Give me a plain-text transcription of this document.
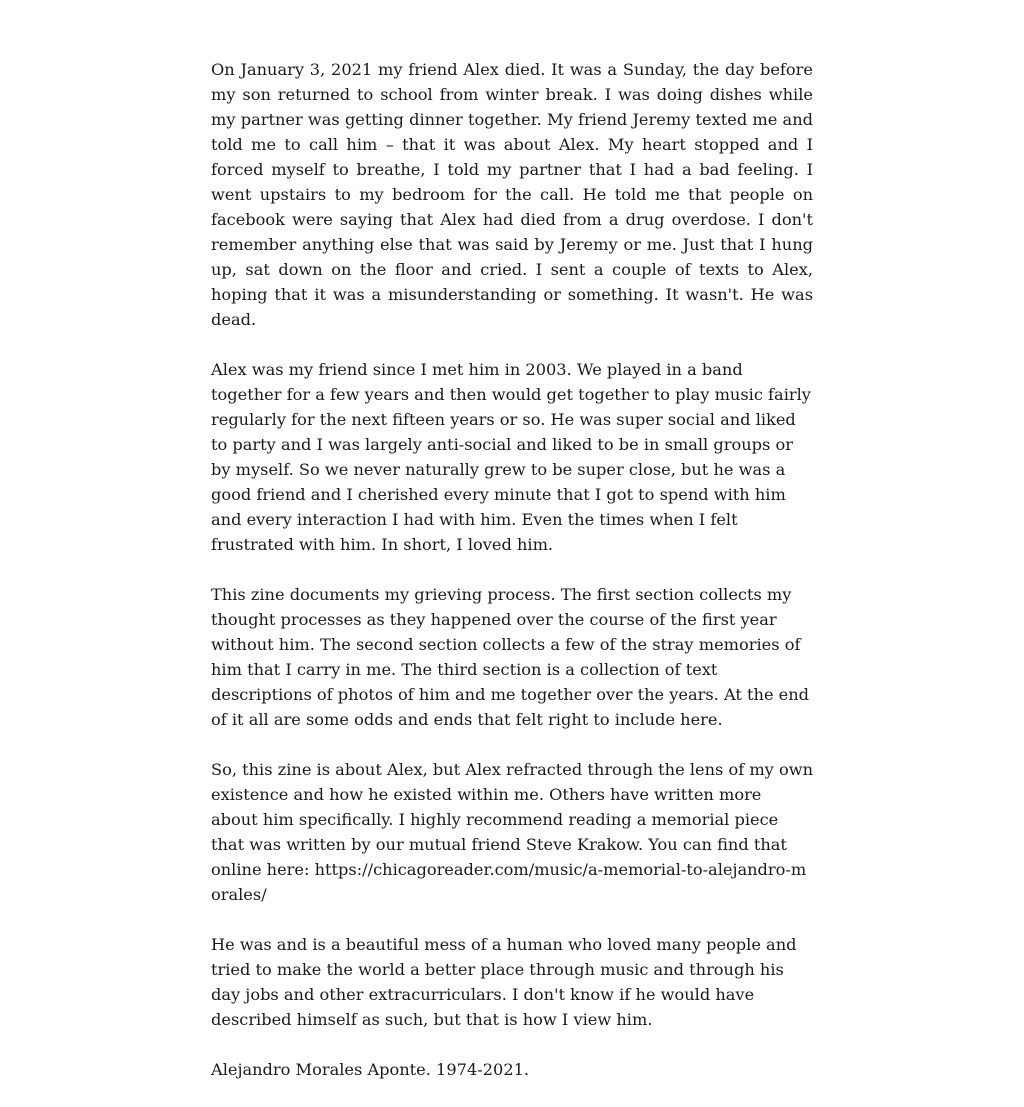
On January 3, 2021 my friend Alex died. It was a Sunday, the day before my son returned to school from winter break. I was doing dishes while my partner was getting dinner together. My friend Jeremy texted me and told me to call him – that it was about Alex. My heart stopped and I forced myself to breathe, I told my partner that I had a bad feeling. I went upstairs to my bedroom for the call. He told me that people on facebook were saying that Alex had died from a drug overdose. I don't remember anything else that was said by Jeremy or me. Just that I hung up, sat down on the floor and cried. I sent a couple of texts to Alex, hoping that it was a misunderstanding or something. It wasn't. He was dead.

Alex was my friend since I met him in 2003. We played in a band together for a few years and then would get together to play music fairly regularly for the next fifteen years or so. He was super social and liked to party and I was largely anti-social and liked to be in small groups or by myself. So we never naturally grew to be super close, but he was a good friend and I cherished every minute that I got to spend with him and every interaction I had with him. Even the times when I felt frustrated with him. In short, I loved him.

This zine documents my grieving process. The first section collects my thought processes as they happened over the course of the first year without him. The second section collects a few of the stray memories of him that I carry in me. The third section is a collection of text descriptions of photos of him and me together over the years. At the end of it all are some odds and ends that felt right to include here.

So, this zine is about Alex, but Alex refracted through the lens of my own existence and how he existed within me. Others have written more about him specifically. I highly recommend reading a memorial piece that was written by our mutual friend Steve Krakow. You can find that online here: https://chicagoreader.com/music/a-memorial-to-alejandro-morales/

He was and is a beautiful mess of a human who loved many people and tried to make the world a better place through music and through his day jobs and other extracurriculars. I don't know if he would have described himself as such, but that is how I view him.

Alejandro Morales Aponte. 1974-2021.
